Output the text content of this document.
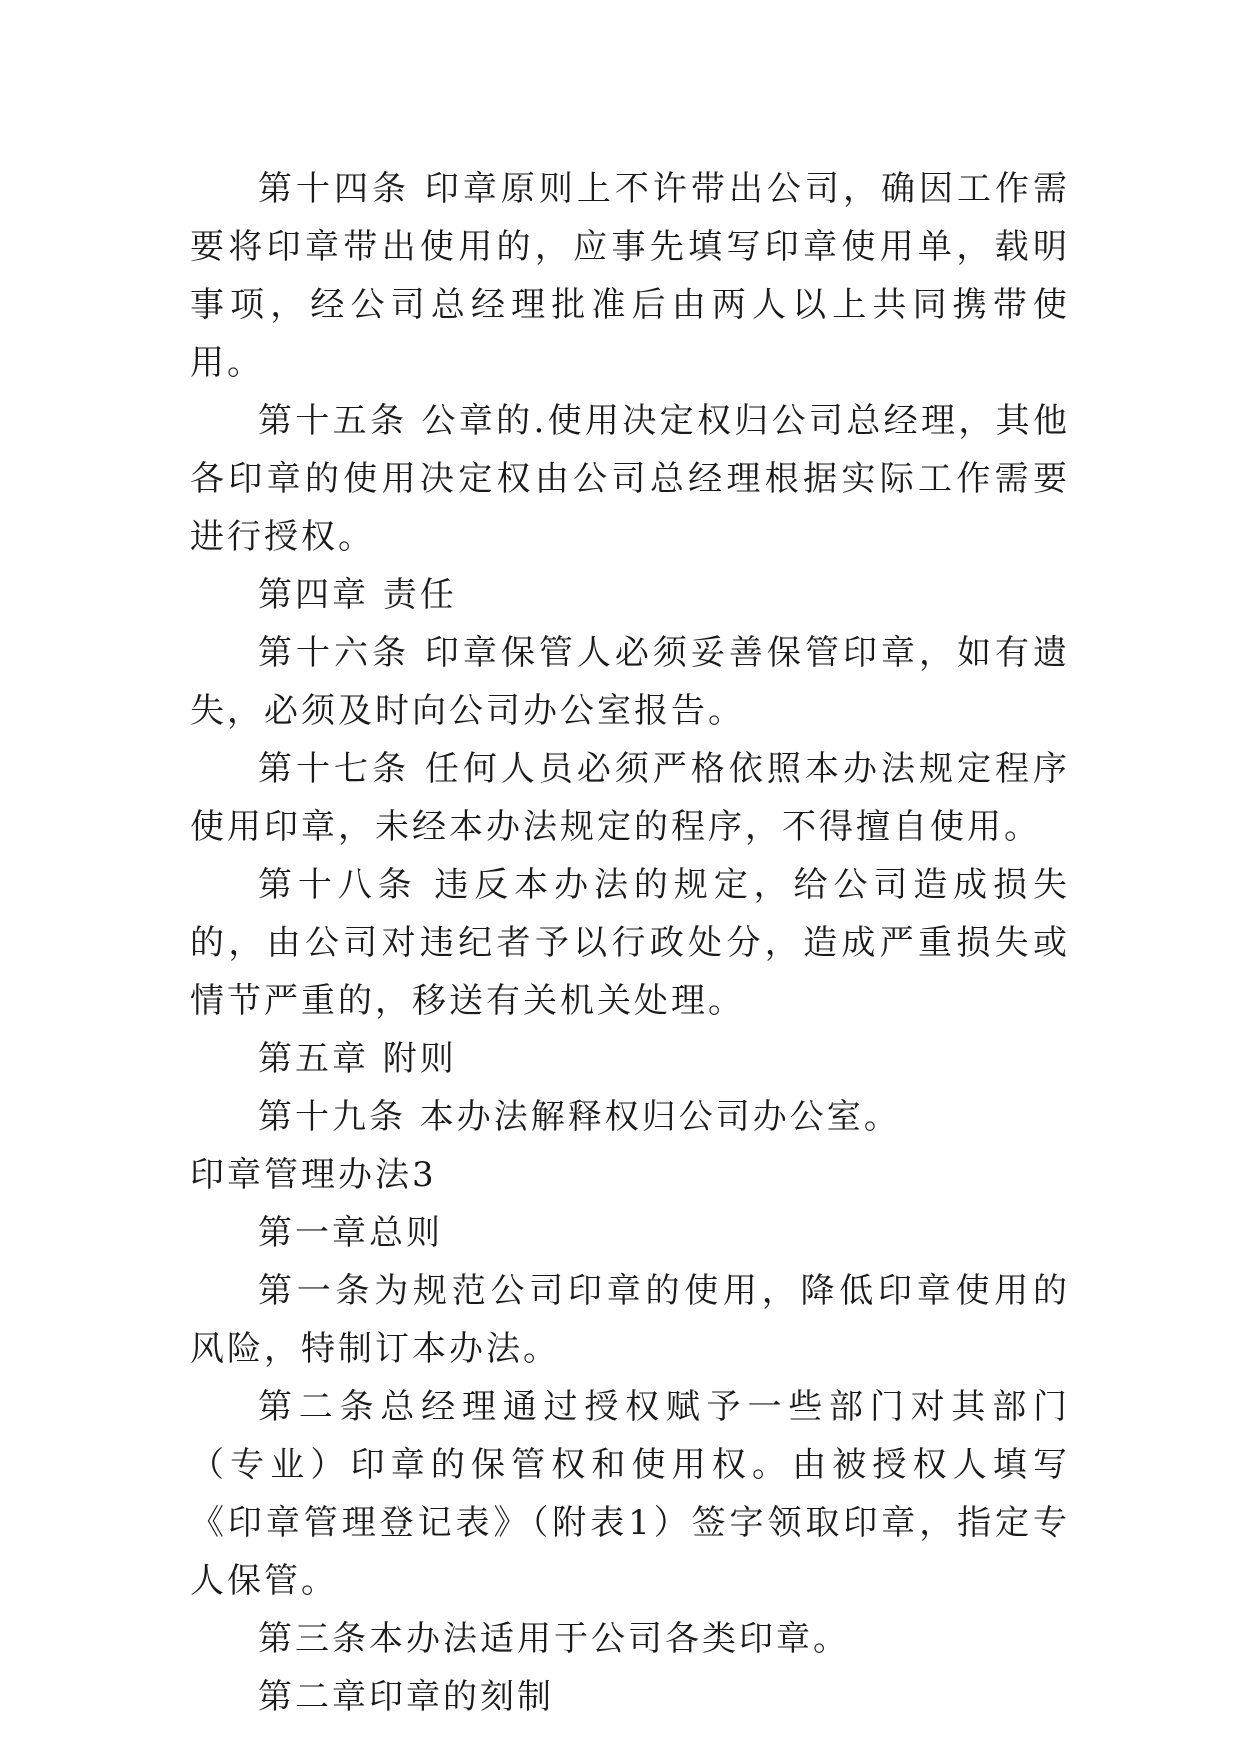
第十四条 印章原则上不许带出公司，确因工作需要将印章带出使用的，应事先填写印章使用单，载明事项，经公司总经理批准后由两人以上共同携带使用。

第十五条 公章的.使用决定权归公司总经理，其他各印章的使用决定权由公司总经理根据实际工作需要进行授权。

第四章 责任

第十六条 印章保管人必须妥善保管印章，如有遗失，必须及时向公司办公室报告。

第十七条 任何人员必须严格依照本办法规定程序使用印章，未经本办法规定的程序，不得擅自使用。

第十八条 违反本办法的规定，给公司造成损失的，由公司对违纪者予以行政处分，造成严重损失或情节严重的，移送有关机关处理。

第五章 附则

第十九条 本办法解释权归公司办公室。

印章管理办法3

第一章总则

第一条为规范公司印章的使用，降低印章使用的风险，特制订本办法。

第二条总经理通过授权赋予一些部门对其部门（专业）印章的保管权和使用权。由被授权人填写《印章管理登记表》（附表1）签字领取印章，指定专人保管。

第三条本办法适用于公司各类印章。

第二章印章的刻制
